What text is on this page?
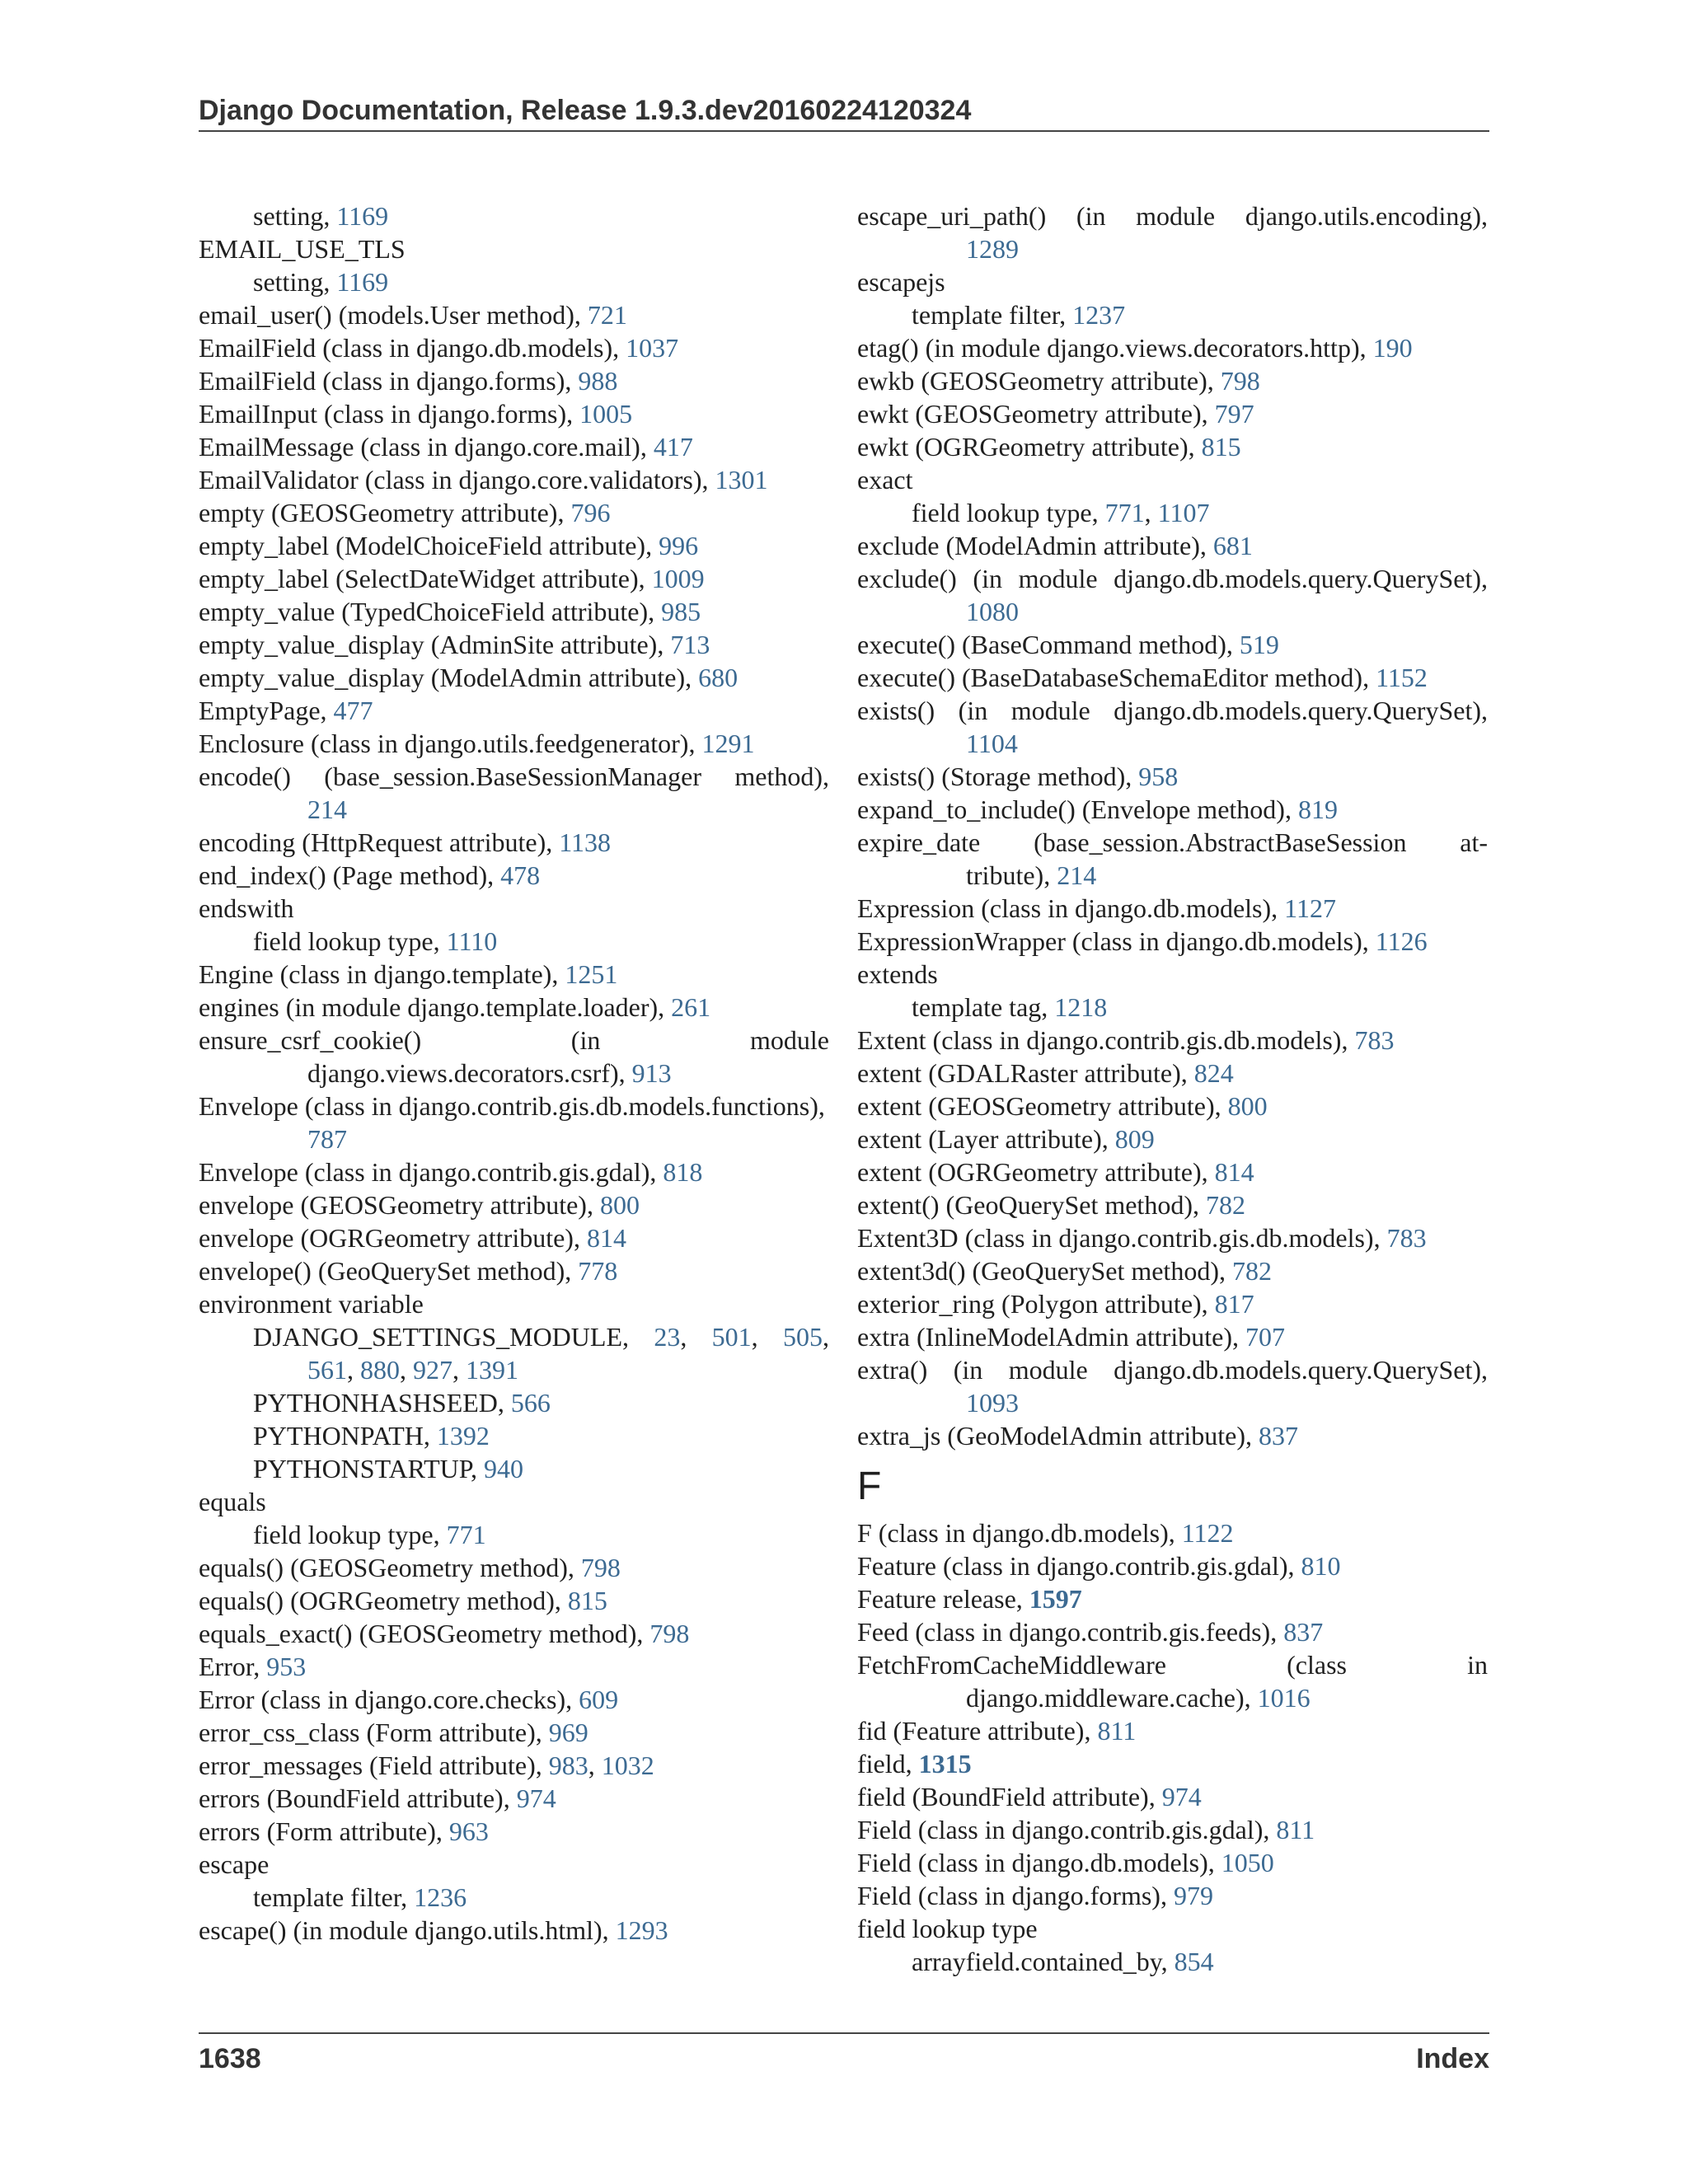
Django Documentation, Release 1.9.3.dev20160224120324
setting, 1169
EMAIL_USE_TLS
setting, 1169
email_user() (models.User method), 721
EmailField (class in django.db.models), 1037
EmailField (class in django.forms), 988
EmailInput (class in django.forms), 1005
EmailMessage (class in django.core.mail), 417
EmailValidator (class in django.core.validators), 1301
empty (GEOSGeometry attribute), 796
empty_label (ModelChoiceField attribute), 996
empty_label (SelectDateWidget attribute), 1009
empty_value (TypedChoiceField attribute), 985
empty_value_display (AdminSite attribute), 713
empty_value_display (ModelAdmin attribute), 680
EmptyPage, 477
Enclosure (class in django.utils.feedgenerator), 1291
encode() (base_session.BaseSessionManager method),
214
encoding (HttpRequest attribute), 1138
end_index() (Page method), 478
endswith
field lookup type, 1110
Engine (class in django.template), 1251
engines (in module django.template.loader), 261
ensure_csrf_cookie() (in module
django.views.decorators.csrf), 913
Envelope (class in django.contrib.gis.db.models.functions),
787
Envelope (class in django.contrib.gis.gdal), 818
envelope (GEOSGeometry attribute), 800
envelope (OGRGeometry attribute), 814
envelope() (GeoQuerySet method), 778
environment variable
DJANGO_SETTINGS_MODULE, 23, 501, 505,
561, 880, 927, 1391
PYTHONHASHSEED, 566
PYTHONPATH, 1392
PYTHONSTARTUP, 940
equals
field lookup type, 771
equals() (GEOSGeometry method), 798
equals() (OGRGeometry method), 815
equals_exact() (GEOSGeometry method), 798
Error, 953
Error (class in django.core.checks), 609
error_css_class (Form attribute), 969
error_messages (Field attribute), 983, 1032
errors (BoundField attribute), 974
errors (Form attribute), 963
escape
template filter, 1236
escape() (in module django.utils.html), 1293
escape_uri_path() (in module django.utils.encoding),
1289
escapejs
template filter, 1237
etag() (in module django.views.decorators.http), 190
ewkb (GEOSGeometry attribute), 798
ewkt (GEOSGeometry attribute), 797
ewkt (OGRGeometry attribute), 815
exact
field lookup type, 771, 1107
exclude (ModelAdmin attribute), 681
exclude() (in module django.db.models.query.QuerySet),
1080
execute() (BaseCommand method), 519
execute() (BaseDatabaseSchemaEditor method), 1152
exists() (in module django.db.models.query.QuerySet),
1104
exists() (Storage method), 958
expand_to_include() (Envelope method), 819
expire_date (base_session.AbstractBaseSession at-
tribute), 214
Expression (class in django.db.models), 1127
ExpressionWrapper (class in django.db.models), 1126
extends
template tag, 1218
Extent (class in django.contrib.gis.db.models), 783
extent (GDALRaster attribute), 824
extent (GEOSGeometry attribute), 800
extent (Layer attribute), 809
extent (OGRGeometry attribute), 814
extent() (GeoQuerySet method), 782
Extent3D (class in django.contrib.gis.db.models), 783
extent3d() (GeoQuerySet method), 782
exterior_ring (Polygon attribute), 817
extra (InlineModelAdmin attribute), 707
extra() (in module django.db.models.query.QuerySet),
1093
extra_js (GeoModelAdmin attribute), 837
F
F (class in django.db.models), 1122
Feature (class in django.contrib.gis.gdal), 810
Feature release, 1597
Feed (class in django.contrib.gis.feeds), 837
FetchFromCacheMiddleware (class in
django.middleware.cache), 1016
fid (Feature attribute), 811
field, 1315
field (BoundField attribute), 974
Field (class in django.contrib.gis.gdal), 811
Field (class in django.db.models), 1050
Field (class in django.forms), 979
field lookup type
arrayfield.contained_by, 854
1638	Index
